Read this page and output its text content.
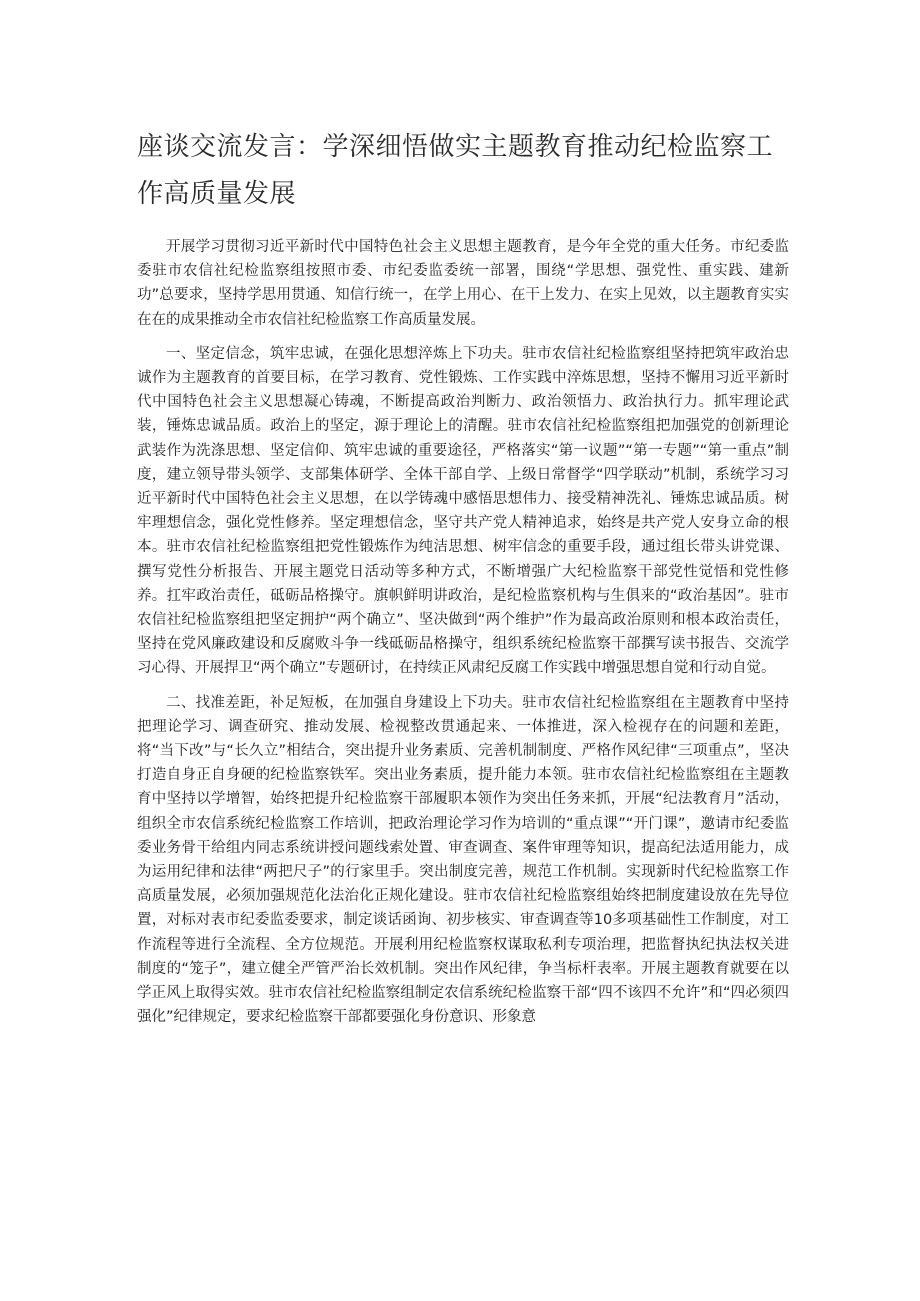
座谈交流发言：学深细悟做实主题教育推动纪检监察工作高质量发展

开展学习贯彻习近平新时代中国特色社会主义思想主题教育，是今年全党的重大任务。市纪委监委驻市农信社纪检监察组按照市委、市纪委监委统一部署，围绕“学思想、强党性、重实践、建新功”总要求，坚持学思用贯通、知信行统一，在学上用心、在干上发力、在实上见效，以主题教育实实在在的成果推动全市农信社纪检监察工作高质量发展。

一、坚定信念，筑牢忠诚，在强化思想淬炼上下功夫。驻市农信社纪检监察组坚持把筑牢政治忠诚作为主题教育的首要目标，在学习教育、党性锻炼、工作实践中淬炼思想，坚持不懈用习近平新时代中国特色社会主义思想凝心铸魂，不断提高政治判断力、政治领悟力、政治执行力。抓牢理论武装，锤炼忠诚品质。政治上的坚定，源于理论上的清醒。驻市农信社纪检监察组把加强党的创新理论武装作为洗涤思想、坚定信仰、筑牢忠诚的重要途径，严格落实“第一议题”“第一专题”“第一重点”制度，建立领导带头领学、支部集体研学、全体干部自学、上级日常督学“四学联动”机制，系统学习习近平新时代中国特色社会主义思想，在以学铸魂中感悟思想伟力、接受精神洗礼、锤炼忠诚品质。树牢理想信念，强化党性修养。坚定理想信念，坚守共产党人精神追求，始终是共产党人安身立命的根本。驻市农信社纪检监察组把党性锻炼作为纯洁思想、树牢信念的重要手段，通过组长带头讲党课、撰写党性分析报告、开展主题党日活动等多种方式，不断增强广大纪检监察干部党性觉悟和党性修养。扛牢政治责任，砥砺品格操守。旗帜鲜明讲政治，是纪检监察机构与生俱来的“政治基因”。驻市农信社纪检监察组把坚定拥护“两个确立”、坚决做到“两个维护”作为最高政治原则和根本政治责任，坚持在党风廉政建设和反腐败斗争一线砥砺品格操守，组织系统纪检监察干部撰写读书报告、交流学习心得、开展捍卫“两个确立”专题研讨，在持续正风肃纪反腐工作实践中增强思想自觉和行动自觉。

二、找准差距，补足短板，在加强自身建设上下功夫。驻市农信社纪检监察组在主题教育中坚持把理论学习、调查研究、推动发展、检视整改贯通起来、一体推进，深入检视存在的问题和差距，将“当下改”与“长久立”相结合，突出提升业务素质、完善机制制度、严格作风纪律“三项重点”，坚决打造自身正自身硬的纪检监察铁军。突出业务素质，提升能力本领。驻市农信社纪检监察组在主题教育中坚持以学增智，始终把提升纪检监察干部履职本领作为突出任务来抓，开展“纪法教育月”活动，组织全市农信系统纪检监察工作培训，把政治理论学习作为培训的“重点课”“开门课”，邀请市纪委监委业务骨干给组内同志系统讲授问题线索处置、审查调查、案件审理等知识，提高纪法适用能力，成为运用纪律和法律“两把尺子”的行家里手。突出制度完善，规范工作机制。实现新时代纪检监察工作高质量发展，必须加强规范化法治化正规化建设。驻市农信社纪检监察组始终把制度建设放在先导位置，对标对表市纪委监委要求，制定谈话函询、初步核实、审查调查等10多项基础性工作制度，对工作流程等进行全流程、全方位规范。开展利用纪检监察权谋取私利专项治理，把监督执纪执法权关进制度的“笼子”，建立健全严管严治长效机制。突出作风纪律，争当标杆表率。开展主题教育就要在以学正风上取得实效。驻市农信社纪检监察组制定农信系统纪检监察干部“四不该四不允许”和“四必须四强化”纪律规定，要求纪检监察干部都要强化身份意识、形象意
